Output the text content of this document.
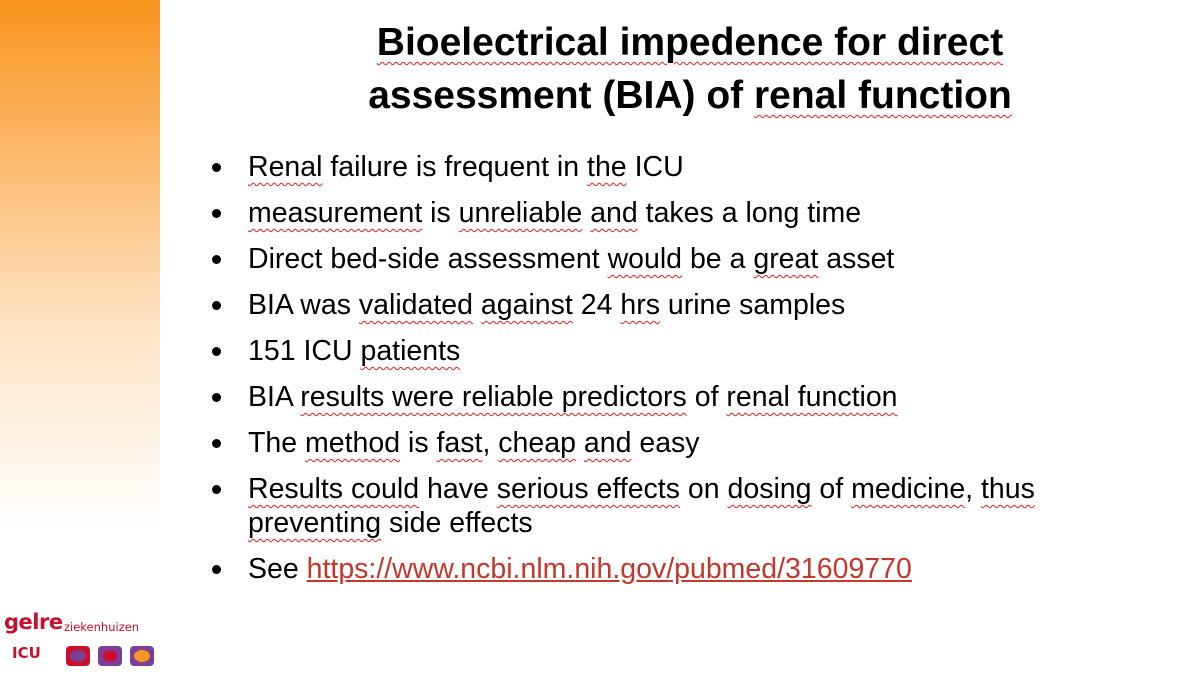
gelre ziekenhuizen
ICU
Bioelectrical impedence for direct
assessment (BIA) of renal function
Renal failure is frequent in the ICU
measurement is unreliable and takes a long time
Direct bed-side assessment would be a great asset
BIA was validated against 24 hrs urine samples
151 ICU patients
BIA results were reliable predictors of renal function
The method is fast, cheap and easy
Results could have serious effects on dosing of medicine, thus preventing side effects
See https://www.ncbi.nlm.nih.gov/pubmed/31609770
